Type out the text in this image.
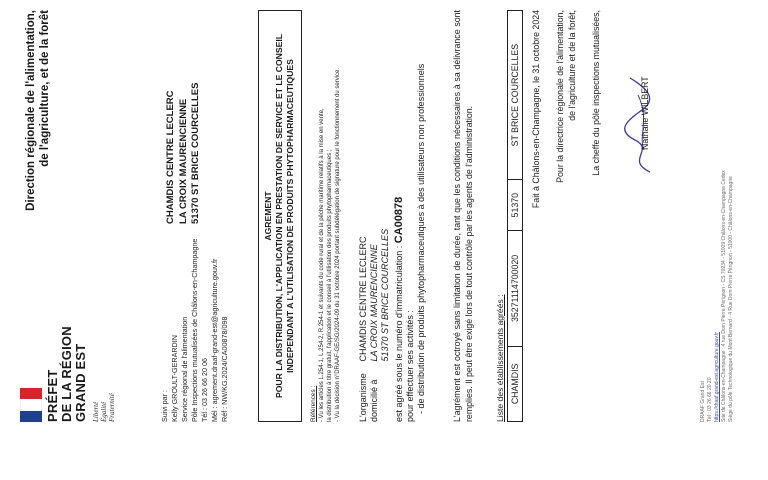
PRÉFET DE LA RÉGION GRAND EST Liberté Égalité Fraternité
Direction régionale de l'alimentation, de l'agriculture, et de la forêt
Suivi par : Kelly GROULT-GERARDIN Service régional de l'alimentation Pôle Inspections mutualisées de Châlons-en-Champagne Tél : 03 26 66 20 06 Mél : agrement.draaf-grand-est@agriculture.gouv.fr Réf : NW/KG.2024/CA00878/098
CHAMDIS CENTRE LECLERC LA CROIX MAURENCIENNE 51370 ST BRICE COURCELLES	AGREMENT POUR LA DISTRIBUTION, L'APPLICATION EN PRESTATION DE SERVICE ET LE CONSEIL INDEPENDANT A L'UTILISATION DE PRODUITS PHYTOPHARMACEUTIQUES
Références : - Vu les articles L.254-1, L.254-2, R.254-1 et suivants du code rural et de la pêche maritime relatifs à la mise en vente, la distribution à titre gratuit, l'application et le conseil à l'utilisation des produits phytopharmaceutiques ; - Vu la décision n°DRAAF-GE/SG/2024-09 du 31 octobre 2024 portant subdélégation de signature pour le fonctionnement du service. L'organisme CHAMDIS CENTRE LECLERC
domicilié à LA CROIX MAURENCIENNE 51370 ST BRICE COURCELLES est agréé sous le numéro d'immatriculation : CA00878
pour effectuer ses activités : - de distribution de produits phytopharmaceutiques à des utilisateurs non professionnels	L'agrément est octroyé sans limitation de durée, tant que les conditions nécessaires à sa délivrance sont remplies. Il peut être exigé lors de tout contrôle par les agents de l'administration.	Liste des établissements agréés : CHAMDIS	35271114700020	51370	ST BRICE COURCELLES Fait à Châlons-en-Champagne, le 31 octobre 2024 Pour la directrice régionale de l'alimentation, de l'agriculture et de la forêt, La cheffe du pôle inspections mutualisées,	Nathalie WILBERT
DRAAF Grand Est Tél : 03 26 66 20 20 https://draaf.grand-est.agriculture.gouv.fr Site de Châlons-en-Champagne : 4 rue Dom Pierre Pérignon - CS 70234 - 51009 Châlons-en-Champagne Cedex Siège du pôle Technologique du Mont Bernard - 4 Rue Dom Pierre Pérignon - 51000 - Châlons-en-Champagne
